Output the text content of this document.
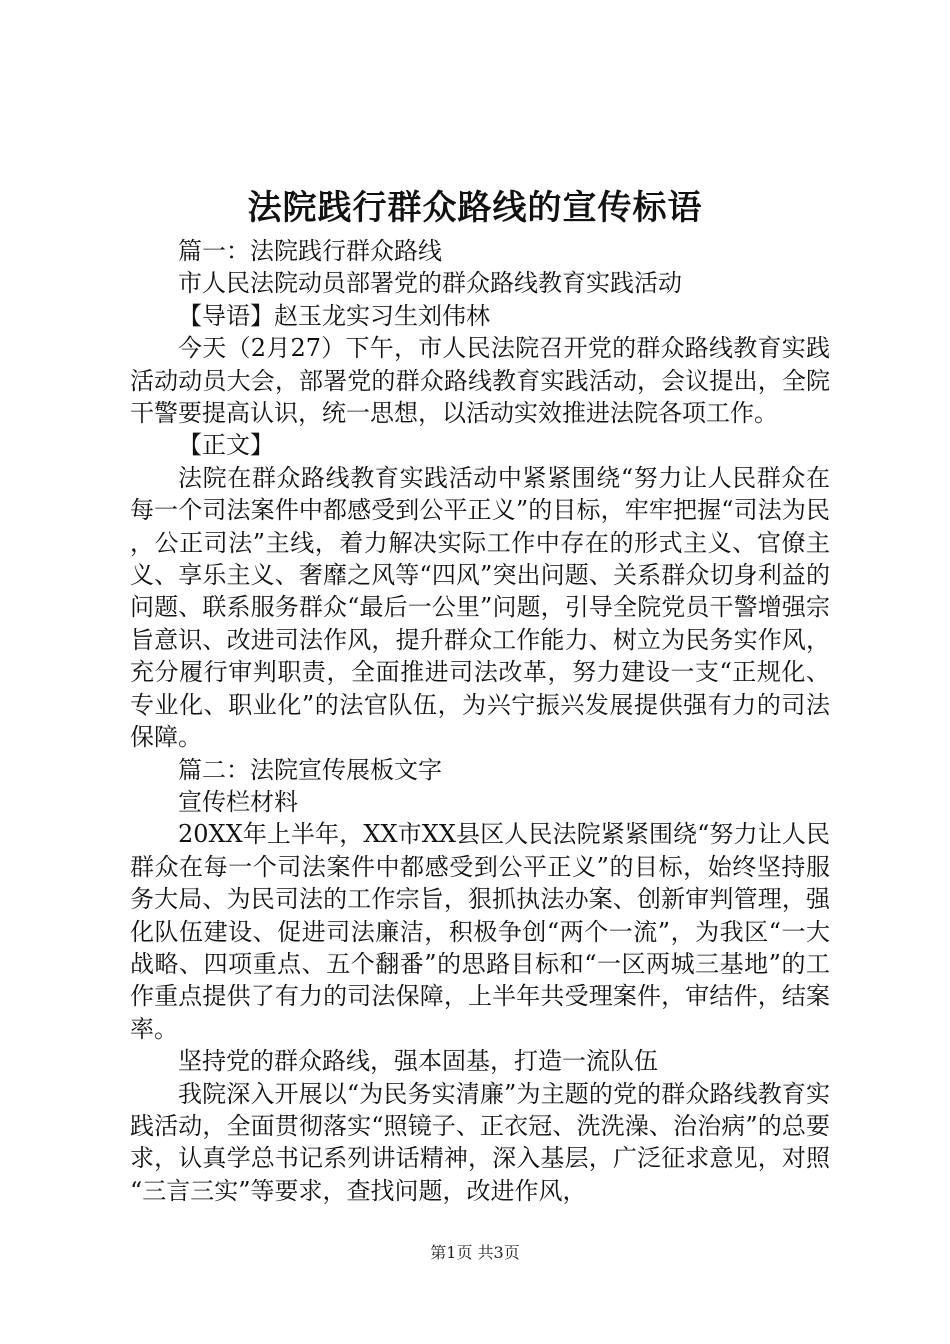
法院践行群众路线的宣传标语

篇一：法院践行群众路线

市人民法院动员部署党的群众路线教育实践活动

【导语】赵玉龙实习生刘伟林

今天（2月27）下午，市人民法院召开党的群众路线教育实践活动动员大会，部署党的群众路线教育实践活动，会议提出，全院干警要提高认识，统一思想，以活动实效推进法院各项工作。

【正文】

法院在群众路线教育实践活动中紧紧围绕“努力让人民群众在每一个司法案件中都感受到公平正义”的目标，牢牢把握“司法为民，公正司法”主线，着力解决实际工作中存在的形式主义、官僚主义、享乐主义、奢靡之风等“四风”突出问题、关系群众切身利益的问题、联系服务群众“最后一公里”问题，引导全院党员干警增强宗旨意识、改进司法作风，提升群众工作能力、树立为民务实作风，充分履行审判职责，全面推进司法改革，努力建设一支“正规化、专业化、职业化”的法官队伍，为兴宁振兴发展提供强有力的司法保障。

篇二：法院宣传展板文字

宣传栏材料

20XX年上半年，XX市XX县区人民法院紧紧围绕“努力让人民群众在每一个司法案件中都感受到公平正义”的目标，始终坚持服务大局、为民司法的工作宗旨，狠抓执法办案、创新审判管理，强化队伍建设、促进司法廉洁，积极争创“两个一流”，为我区“一大战略、四项重点、五个翻番”的思路目标和“一区两城三基地”的工作重点提供了有力的司法保障，上半年共受理案件，审结件，结案率。

坚持党的群众路线，强本固基，打造一流队伍

我院深入开展以“为民务实清廉”为主题的党的群众路线教育实践活动，全面贯彻落实“照镜子、正衣冠、洗洗澡、治治病”的总要求，认真学总书记系列讲话精神，深入基层，广泛征求意见，对照“三言三实”等要求，查找问题，改进作风，

第1页 共3页
